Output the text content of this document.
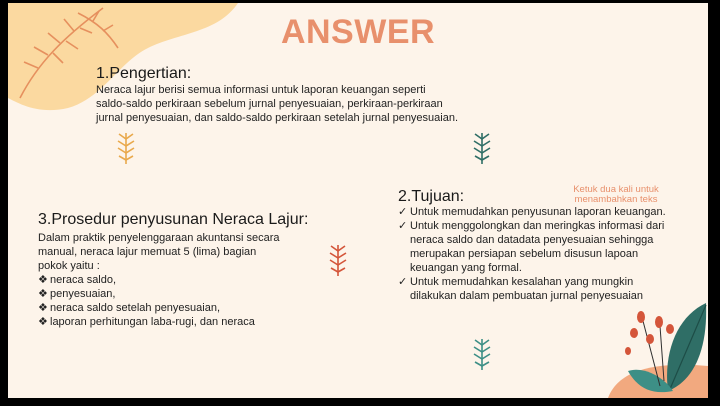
ANSWER
1.Pengertian:
Neraca lajur berisi semua informasi untuk laporan keuangan seperti
saldo-saldo perkiraan sebelum jurnal penyesuaian, perkiraan-perkiraan
jurnal penyesuaian, dan saldo-saldo perkiraan setelah jurnal penyesuaian.
3.Prosedur penyusunan Neraca Lajur:
Dalam praktik penyelenggaraan akuntansi secara
manual, neraca lajur memuat 5 (lima) bagian
pokok yaitu :
❖ neraca saldo,
❖ penyesuaian,
❖ neraca saldo setelah penyesuaian,
❖ laporan perhitungan laba-rugi, dan neraca
2.Tujuan:	Ketuk dua kali untuk
menambahkan teks
✓ Untuk memudahkan penyusunan laporan keuangan.
✓ Untuk menggolongkan dan meringkas informasi dari
neraca saldo dan datadata penyesuaian sehingga
merupakan persiapan sebelum disusun lapoan
keuangan yang formal.
✓ Untuk memudahkan kesalahan yang mungkin
dilakukan dalam pembuatan jurnal penyesuaian
